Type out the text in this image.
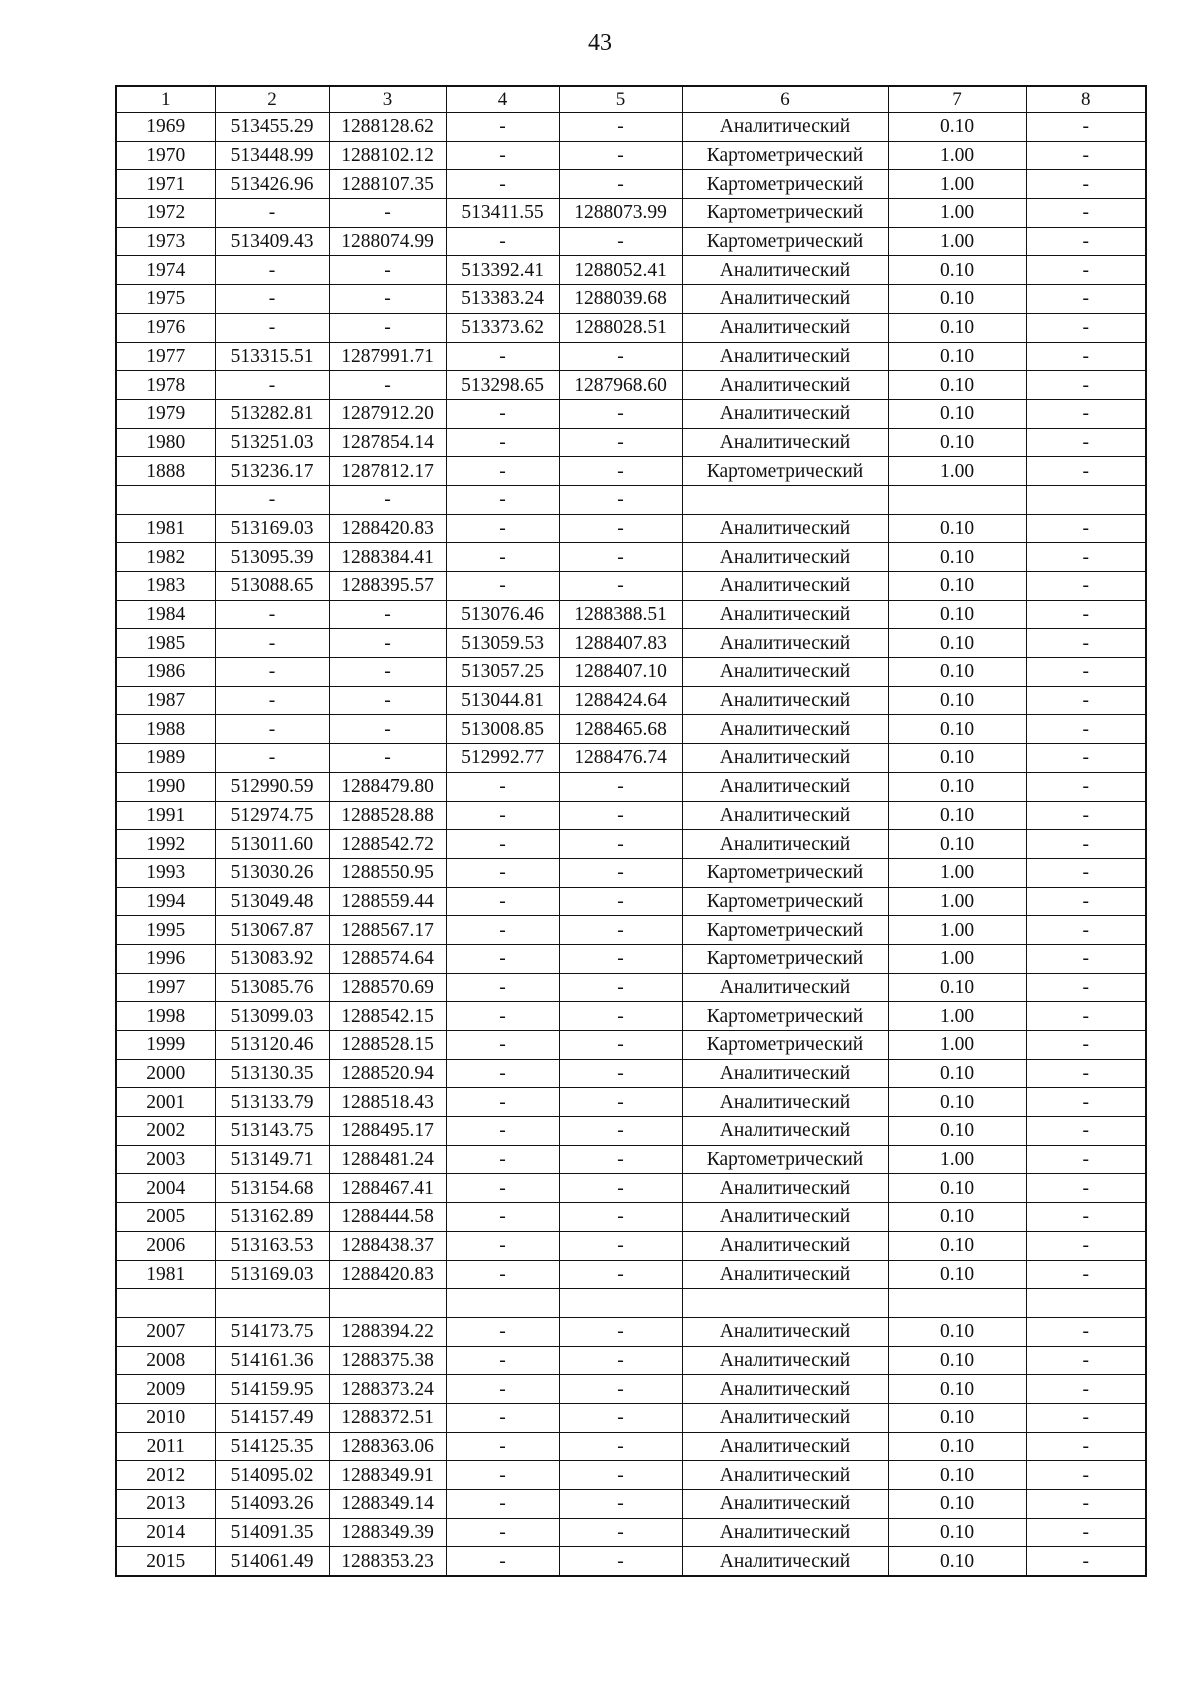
43
1	2	3	4	5	6	7	8
1969	513455.29	1288128.62	-	-	Аналитический	0.10	-
1970	513448.99	1288102.12	-	-	Картометрический	1.00	-
1971	513426.96	1288107.35	-	-	Картометрический	1.00	-
1972	-	-	513411.55	1288073.99	Картометрический	1.00	-
1973	513409.43	1288074.99	-	-	Картометрический	1.00	-
1974	-	-	513392.41	1288052.41	Аналитический	0.10	-
1975	-	-	513383.24	1288039.68	Аналитический	0.10	-
1976	-	-	513373.62	1288028.51	Аналитический	0.10	-
1977	513315.51	1287991.71	-	-	Аналитический	0.10	-
1978	-	-	513298.65	1287968.60	Аналитический	0.10	-
1979	513282.81	1287912.20	-	-	Аналитический	0.10	-
1980	513251.03	1287854.14	-	-	Аналитический	0.10	-
1888	513236.17	1287812.17	-	-	Картометрический	1.00	-
	-	-	-	-			
1981	513169.03	1288420.83	-	-	Аналитический	0.10	-
1982	513095.39	1288384.41	-	-	Аналитический	0.10	-
1983	513088.65	1288395.57	-	-	Аналитический	0.10	-
1984	-	-	513076.46	1288388.51	Аналитический	0.10	-
1985	-	-	513059.53	1288407.83	Аналитический	0.10	-
1986	-	-	513057.25	1288407.10	Аналитический	0.10	-
1987	-	-	513044.81	1288424.64	Аналитический	0.10	-
1988	-	-	513008.85	1288465.68	Аналитический	0.10	-
1989	-	-	512992.77	1288476.74	Аналитический	0.10	-
1990	512990.59	1288479.80	-	-	Аналитический	0.10	-
1991	512974.75	1288528.88	-	-	Аналитический	0.10	-
1992	513011.60	1288542.72	-	-	Аналитический	0.10	-
1993	513030.26	1288550.95	-	-	Картометрический	1.00	-
1994	513049.48	1288559.44	-	-	Картометрический	1.00	-
1995	513067.87	1288567.17	-	-	Картометрический	1.00	-
1996	513083.92	1288574.64	-	-	Картометрический	1.00	-
1997	513085.76	1288570.69	-	-	Аналитический	0.10	-
1998	513099.03	1288542.15	-	-	Картометрический	1.00	-
1999	513120.46	1288528.15	-	-	Картометрический	1.00	-
2000	513130.35	1288520.94	-	-	Аналитический	0.10	-
2001	513133.79	1288518.43	-	-	Аналитический	0.10	-
2002	513143.75	1288495.17	-	-	Аналитический	0.10	-
2003	513149.71	1288481.24	-	-	Картометрический	1.00	-
2004	513154.68	1288467.41	-	-	Аналитический	0.10	-
2005	513162.89	1288444.58	-	-	Аналитический	0.10	-
2006	513163.53	1288438.37	-	-	Аналитический	0.10	-
1981	513169.03	1288420.83	-	-	Аналитический	0.10	-

2007	514173.75	1288394.22	-	-	Аналитический	0.10	-
2008	514161.36	1288375.38	-	-	Аналитический	0.10	-
2009	514159.95	1288373.24	-	-	Аналитический	0.10	-
2010	514157.49	1288372.51	-	-	Аналитический	0.10	-
2011	514125.35	1288363.06	-	-	Аналитический	0.10	-
2012	514095.02	1288349.91	-	-	Аналитический	0.10	-
2013	514093.26	1288349.14	-	-	Аналитический	0.10	-
2014	514091.35	1288349.39	-	-	Аналитический	0.10	-
2015	514061.49	1288353.23	-	-	Аналитический	0.10	-
